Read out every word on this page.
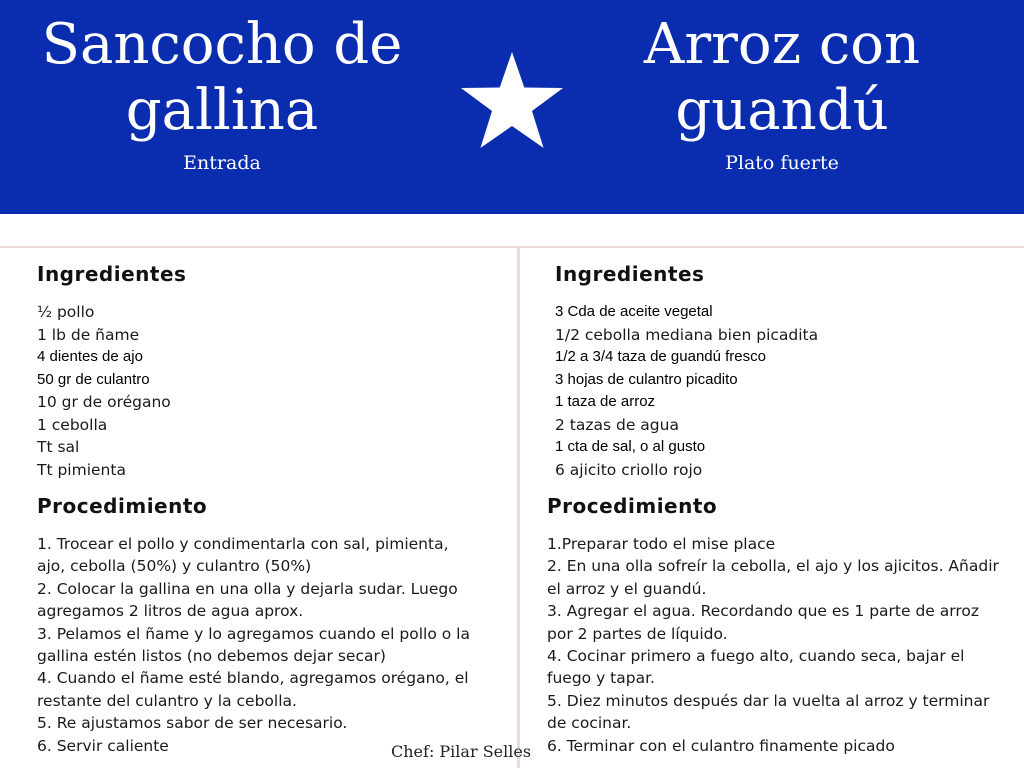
Sancocho de
gallina
Entrada
Arroz con
guandú
Plato fuerte
Ingredientes
½ pollo
1 lb de ñame
4 dientes de ajo
50 gr de culantro
10 gr de orégano
1 cebolla
Tt sal
Tt pimienta
Procedimiento
1. Trocear el pollo y condimentarla con sal, pimienta, ajo, cebolla (50%) y culantro (50%)
2. Colocar la gallina en una olla y dejarla sudar. Luego agregamos 2 litros de agua aprox.
3. Pelamos el ñame y lo agregamos cuando el pollo o la gallina estén listos (no debemos dejar secar)
4. Cuando el ñame esté blando, agregamos orégano, el restante del culantro y la cebolla.
5. Re ajustamos sabor de ser necesario.
6. Servir caliente
Ingredientes
3 Cda de aceite vegetal
1/2 cebolla mediana bien picadita
1/2 a 3/4 taza de guandú fresco
3 hojas de culantro picadito
1 taza de arroz
2 tazas de agua
1 cta de sal, o al gusto
6 ajicito criollo rojo
Procedimiento
1.Preparar todo el mise place
2. En una olla sofreír la cebolla, el ajo y los ajicitos. Añadir el arroz y el guandú.
3. Agregar el agua. Recordando que es 1 parte de arroz por 2 partes de líquido.
4. Cocinar primero a fuego alto, cuando seca, bajar el fuego y tapar.
5. Diez minutos después dar la vuelta al arroz y terminar de cocinar.
6. Terminar con el culantro finamente picado
Chef: Pilar Selles
